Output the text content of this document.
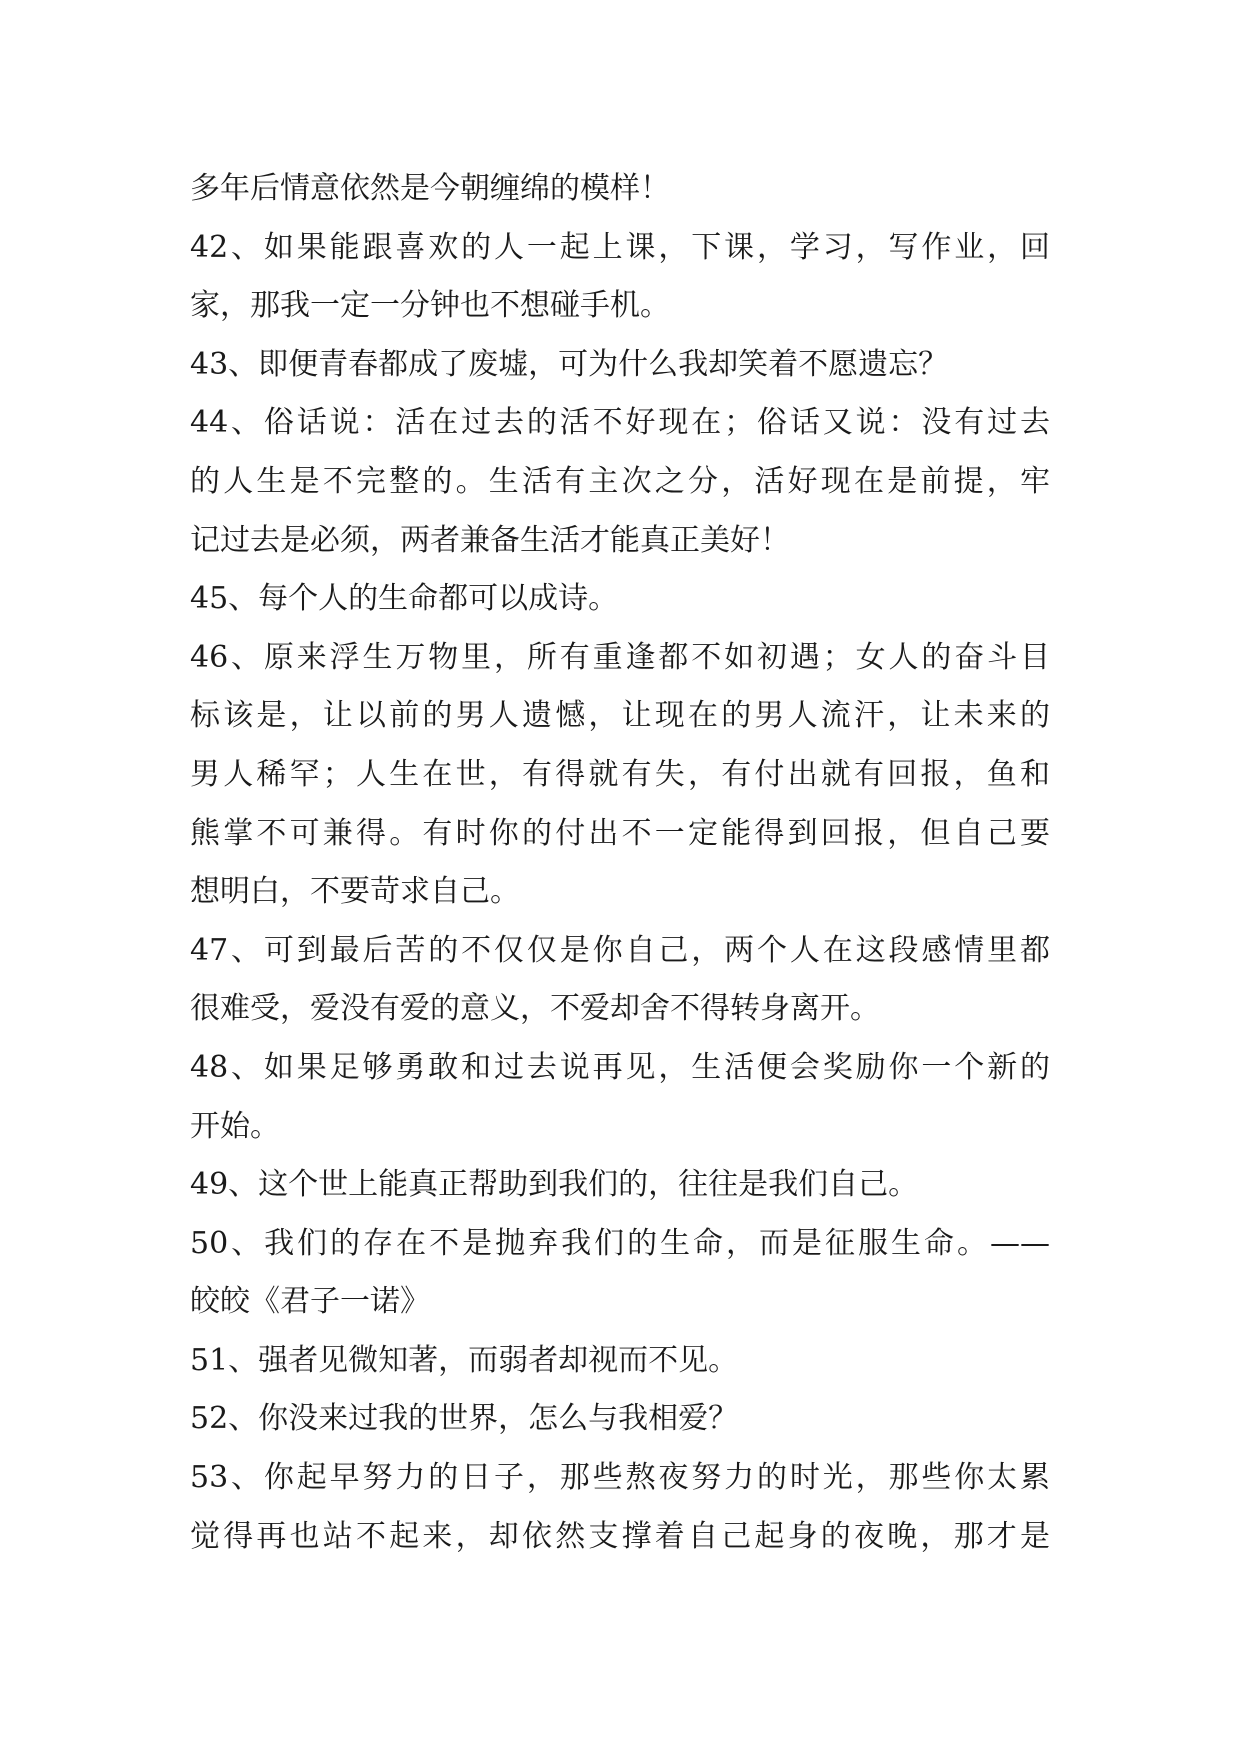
多年后情意依然是今朝缠绵的模样！
42、如果能跟喜欢的人一起上课，下课，学习，写作业，回
家，那我一定一分钟也不想碰手机。
43、即便青春都成了废墟，可为什么我却笑着不愿遗忘？
44、俗话说：活在过去的活不好现在；俗话又说：没有过去
的人生是不完整的。生活有主次之分，活好现在是前提，牢
记过去是必须，两者兼备生活才能真正美好！
45、每个人的生命都可以成诗。
46、原来浮生万物里，所有重逢都不如初遇；女人的奋斗目
标该是，让以前的男人遗憾，让现在的男人流汗，让未来的
男人稀罕；人生在世，有得就有失，有付出就有回报，鱼和
熊掌不可兼得。有时你的付出不一定能得到回报，但自己要
想明白，不要苛求自己。
47、可到最后苦的不仅仅是你自己，两个人在这段感情里都
很难受，爱没有爱的意义，不爱却舍不得转身离开。
48、如果足够勇敢和过去说再见，生活便会奖励你一个新的
开始。
49、这个世上能真正帮助到我们的，往往是我们自己。
50、我们的存在不是抛弃我们的生命，而是征服生命。——
皎皎《君子一诺》
51、强者见微知著，而弱者却视而不见。
52、你没来过我的世界，怎么与我相爱？
53、你起早努力的日子，那些熬夜努力的时光，那些你太累
觉得再也站不起来，却依然支撑着自己起身的夜晚，那才是
